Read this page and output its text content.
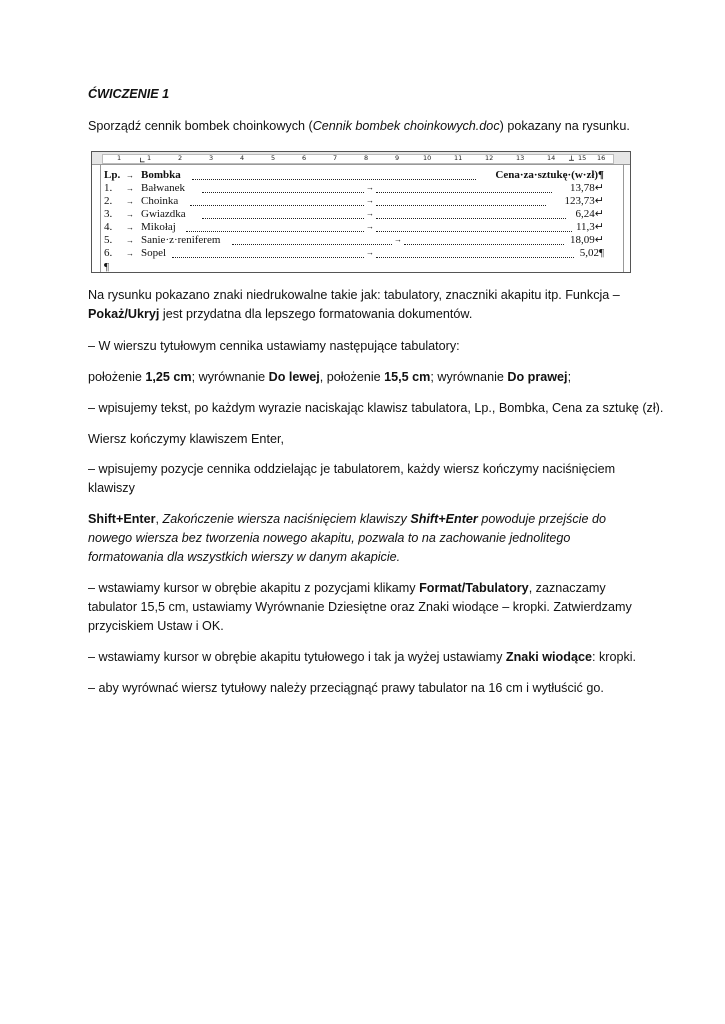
ĆWICZENIE 1

Sporządź cennik bombek choinkowych (Cennik bombek choinkowych.doc) pokazany na rysunku.

1 ∟ 1	2	3	4	5	6	7	8	9	10	11	12	13	14 ┴ 15 16
Lp. → Bombka	Cena·za·sztukę·(w·zł)¶
1. → Bałwanek	→	13,78↵
2. → Choinka	→	123,73↵
3. → Gwiazdka	→	6,24↵
4. → Mikołaj	→	11,3↵
5. → Sanie·z·reniferem	→	18,09↵
6. → Sopel	→	5,02¶
¶

Na rysunku pokazano znaki niedrukowalne takie jak: tabulatory, znaczniki akapitu itp. Funkcja – Pokaż/Ukryj jest przydatna dla lepszego formatowania dokumentów.

– W wierszu tytułowym cennika ustawiamy następujące tabulatory:

położenie 1,25 cm; wyrównanie Do lewej, położenie 15,5 cm; wyrównanie Do prawej;

– wpisujemy tekst, po każdym wyrazie naciskając klawisz tabulatora, Lp., Bombka, Cena za sztukę (zł).

Wiersz kończymy klawiszem Enter,

– wpisujemy pozycje cennika oddzielając je tabulatorem, każdy wiersz kończymy naciśnięciem klawiszy

Shift+Enter, Zakończenie wiersza naciśnięciem klawiszy Shift+Enter powoduje przejście do nowego wiersza bez tworzenia nowego akapitu, pozwala to na zachowanie jednolitego formatowania dla wszystkich wierszy w danym akapicie.

– wstawiamy kursor w obrębie akapitu z pozycjami klikamy Format/Tabulatory, zaznaczamy tabulator 15,5 cm, ustawiamy Wyrównanie Dziesiętne oraz Znaki wiodące – kropki. Zatwierdzamy przyciskiem Ustaw i OK.

– wstawiamy kursor w obrębie akapitu tytułowego i tak ja wyżej ustawiamy Znaki wiodące: kropki.

– aby wyrównać wiersz tytułowy należy przeciągnąć prawy tabulator na 16 cm i wytłuścić go.
